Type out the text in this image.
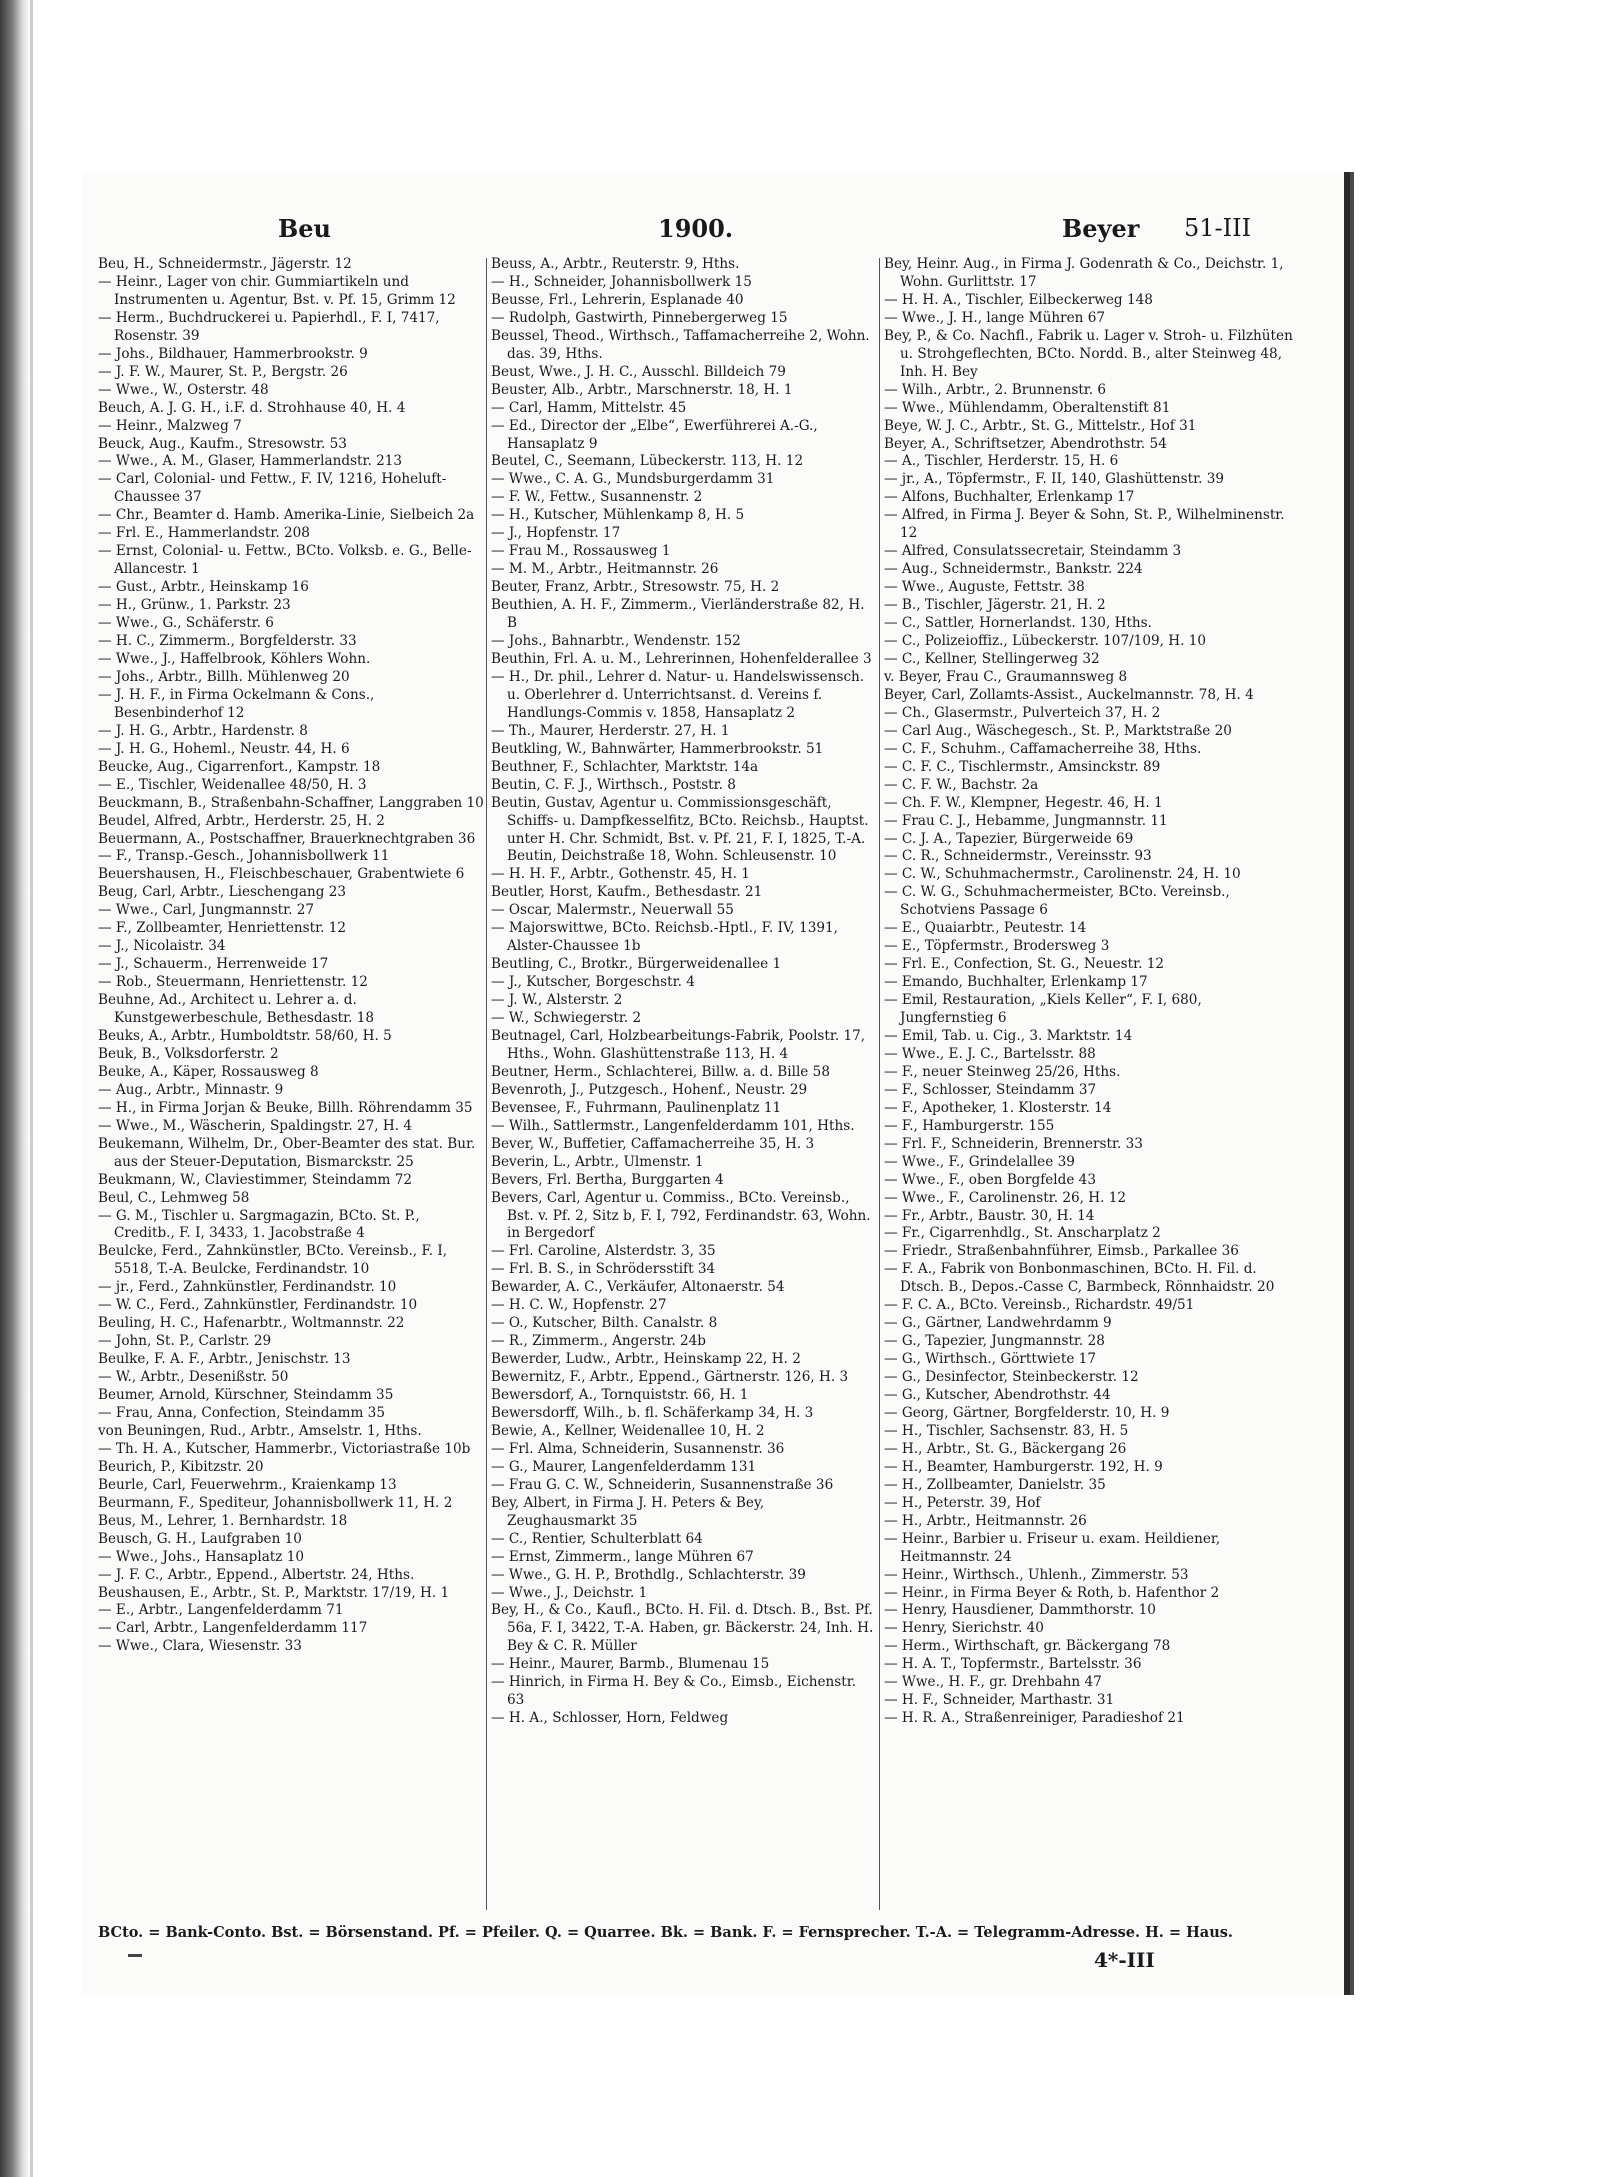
Beu	1900.	Beyer 51-III

Beu, H., Schneidermstr., Jägerstr. 12

— Heinr., Lager von chir. Gummiartikeln und Instrumenten u. Agentur, Bst. v. Pf. 15, Grimm 12

— Herm., Buchdruckerei u. Papierhdl., F. I, 7417, Rosenstr. 39

— Johs., Bildhauer, Hammerbrookstr. 9

— J. F. W., Maurer, St. P., Bergstr. 26

— Wwe., W., Osterstr. 48

Beuch, A. J. G. H., i.F. d. Strohhause 40, H. 4

— Heinr., Malzweg 7

Beuck, Aug., Kaufm., Stresowstr. 53

— Wwe., A. M., Glaser, Hammerlandstr. 213

— Carl, Colonial- und Fettw., F. IV, 1216, Hoheluft-Chaussee 37

— Chr., Beamter d. Hamb. Amerika-Linie, Sielbeich 2a

— Frl. E., Hammerlandstr. 208

— Ernst, Colonial- u. Fettw., BCto. Volksb. e. G., Belle-Allancestr. 1

— Gust., Arbtr., Heinskamp 16

— H., Grünw., 1. Parkstr. 23

— Wwe., G., Schäferstr. 6

— H. C., Zimmerm., Borgfelderstr. 33

— Wwe., J., Haffelbrook, Köhlers Wohn.

— Johs., Arbtr., Billh. Mühlenweg 20

— J. H. F., in Firma Ockelmann & Cons., Besenbinderhof 12

— J. H. G., Arbtr., Hardenstr. 8

— J. H. G., Hoheml., Neustr. 44, H. 6

Beucke, Aug., Cigarrenfort., Kampstr. 18

— E., Tischler, Weidenallee 48/50, H. 3

Beuckmann, B., Straßenbahn-Schaffner, Langgraben 10

Beudel, Alfred, Arbtr., Herderstr. 25, H. 2

Beuermann, A., Postschaffner, Brauerknechtgraben 36

— F., Transp.-Gesch., Johannisbollwerk 11

Beuershausen, H., Fleischbeschauer, Grabentwiete 6

Beug, Carl, Arbtr., Lieschengang 23

— Wwe., Carl, Jungmannstr. 27

— F., Zollbeamter, Henriettenstr. 12

— J., Nicolaistr. 34

— J., Schauerm., Herrenweide 17

— Rob., Steuermann, Henriettenstr. 12

Beuhne, Ad., Architect u. Lehrer a. d. Kunstgewerbeschule, Bethesdastr. 18

Beuks, A., Arbtr., Humboldtstr. 58/60, H. 5

Beuk, B., Volksdorferstr. 2

Beuke, A., Käper, Rossausweg 8

— Aug., Arbtr., Minnastr. 9

— H., in Firma Jorjan & Beuke, Billh. Röhrendamm 35

— Wwe., M., Wäscherin, Spaldingstr. 27, H. 4

Beukemann, Wilhelm, Dr., Ober-Beamter des stat. Bur. aus der Steuer-Deputation, Bismarckstr. 25

Beukmann, W., Claviestimmer, Steindamm 72

Beul, C., Lehmweg 58

— G. M., Tischler u. Sargmagazin, BCto. St. P., Creditb., F. I, 3433, 1. Jacobstraße 4

Beulcke, Ferd., Zahnkünstler, BCto. Vereinsb., F. I, 5518, T.-A. Beulcke, Ferdinandstr. 10

— jr., Ferd., Zahnkünstler, Ferdinandstr. 10

— W. C., Ferd., Zahnkünstler, Ferdinandstr. 10

Beuling, H. C., Hafenarbtr., Woltmannstr. 22

— John, St. P., Carlstr. 29

Beulke, F. A. F., Arbtr., Jenischstr. 13

— W., Arbtr., Desenißstr. 50

Beumer, Arnold, Kürschner, Steindamm 35

— Frau, Anna, Confection, Steindamm 35

von Beuningen, Rud., Arbtr., Amselstr. 1, Hths.

— Th. H. A., Kutscher, Hammerbr., Victoriastraße 10b

Beurich, P., Kibitzstr. 20

Beurle, Carl, Feuerwehrm., Kraienkamp 13

Beurmann, F., Spediteur, Johannisbollwerk 11, H. 2

Beus, M., Lehrer, 1. Bernhardstr. 18

Beusch, G. H., Laufgraben 10

— Wwe., Johs., Hansaplatz 10

— J. F. C., Arbtr., Eppend., Albertstr. 24, Hths.

Beushausen, E., Arbtr., St. P., Marktstr. 17/19, H. 1

— E., Arbtr., Langenfelderdamm 71

— Carl, Arbtr., Langenfelderdamm 117

— Wwe., Clara, Wiesenstr. 33

Beuss, A., Arbtr., Reuterstr. 9, Hths.

— H., Schneider, Johannisbollwerk 15

Beusse, Frl., Lehrerin, Esplanade 40

— Rudolph, Gastwirth, Pinnebergerweg 15

Beussel, Theod., Wirthsch., Taffamacherreihe 2, Wohn. das. 39, Hths.

Beust, Wwe., J. H. C., Ausschl. Billdeich 79

Beuster, Alb., Arbtr., Marschnerstr. 18, H. 1

— Carl, Hamm, Mittelstr. 45

— Ed., Director der „Elbe“, Ewerführerei A.-G., Hansaplatz 9

Beutel, C., Seemann, Lübeckerstr. 113, H. 12

— Wwe., C. A. G., Mundsburgerdamm 31

— F. W., Fettw., Susannenstr. 2

— H., Kutscher, Mühlenkamp 8, H. 5

— J., Hopfenstr. 17

— Frau M., Rossausweg 1

— M. M., Arbtr., Heitmannstr. 26

Beuter, Franz, Arbtr., Stresowstr. 75, H. 2

Beuthien, A. H. F., Zimmerm., Vierländerstraße 82, H. B

— Johs., Bahnarbtr., Wendenstr. 152

Beuthin, Frl. A. u. M., Lehrerinnen, Hohenfelderallee 3

— H., Dr. phil., Lehrer d. Natur- u. Handelswissensch. u. Oberlehrer d. Unterrichtsanst. d. Vereins f. Handlungs-Commis v. 1858, Hansaplatz 2

— Th., Maurer, Herderstr. 27, H. 1

Beutkling, W., Bahnwärter, Hammerbrookstr. 51

Beuthner, F., Schlachter, Marktstr. 14a

Beutin, C. F. J., Wirthsch., Poststr. 8

Beutin, Gustav, Agentur u. Commissionsgeschäft, Schiffs- u. Dampfkesselfitz, BCto. Reichsb., Hauptst. unter H. Chr. Schmidt, Bst. v. Pf. 21, F. I, 1825, T.-A. Beutin, Deichstraße 18, Wohn. Schleusenstr. 10

— H. H. F., Arbtr., Gothenstr. 45, H. 1

Beutler, Horst, Kaufm., Bethesdastr. 21

— Oscar, Malermstr., Neuerwall 55

— Majorswittwe, BCto. Reichsb.-Hptl., F. IV, 1391, Alster-Chaussee 1b

Beutling, C., Brotkr., Bürgerweidenallee 1

— J., Kutscher, Borgeschstr. 4

— J. W., Alsterstr. 2

— W., Schwiegerstr. 2

Beutnagel, Carl, Holzbearbeitungs-Fabrik, Poolstr. 17, Hths., Wohn. Glashüttenstraße 113, H. 4

Beutner, Herm., Schlachterei, Billw. a. d. Bille 58

Bevenroth, J., Putzgesch., Hohenf., Neustr. 29

Bevensee, F., Fuhrmann, Paulinenplatz 11

— Wilh., Sattlermstr., Langenfelderdamm 101, Hths.

Bever, W., Buffetier, Caffamacherreihe 35, H. 3

Beverin, L., Arbtr., Ulmenstr. 1

Bevers, Frl. Bertha, Burggarten 4

Bevers, Carl, Agentur u. Commiss., BCto. Vereinsb., Bst. v. Pf. 2, Sitz b, F. I, 792, Ferdinandstr. 63, Wohn. in Bergedorf

— Frl. Caroline, Alsterdstr. 3, 35

— Frl. B. S., in Schrödersstift 34

Bewarder, A. C., Verkäufer, Altonaerstr. 54

— H. C. W., Hopfenstr. 27

— O., Kutscher, Bilth. Canalstr. 8

— R., Zimmerm., Angerstr. 24b

Bewerder, Ludw., Arbtr., Heinskamp 22, H. 2

Bewernitz, F., Arbtr., Eppend., Gärtnerstr. 126, H. 3

Bewersdorf, A., Tornquiststr. 66, H. 1

Bewersdorff, Wilh., b. fl. Schäferkamp 34, H. 3

Bewie, A., Kellner, Weidenallee 10, H. 2

— Frl. Alma, Schneiderin, Susannenstr. 36

— G., Maurer, Langenfelderdamm 131

— Frau G. C. W., Schneiderin, Susannenstraße 36

Bey, Albert, in Firma J. H. Peters & Bey, Zeughausmarkt 35

— C., Rentier, Schulterblatt 64

— Ernst, Zimmerm., lange Mühren 67

— Wwe., G. H. P., Brothdlg., Schlachterstr. 39

— Wwe., J., Deichstr. 1

Bey, H., & Co., Kaufl., BCto. H. Fil. d. Dtsch. B., Bst. Pf. 56a, F. I, 3422, T.-A. Haben, gr. Bäckerstr. 24, Inh. H. Bey & C. R. Müller

— Heinr., Maurer, Barmb., Blumenau 15

— Hinrich, in Firma H. Bey & Co., Eimsb., Eichenstr. 63

— H. A., Schlosser, Horn, Feldweg

Bey, Heinr. Aug., in Firma J. Godenrath & Co., Deichstr. 1, Wohn. Gurlittstr. 17

— H. H. A., Tischler, Eilbeckerweg 148

— Wwe., J. H., lange Mühren 67

Bey, P., & Co. Nachfl., Fabrik u. Lager v. Stroh- u. Filzhüten u. Strohgeflechten, BCto. Nordd. B., alter Steinweg 48, Inh. H. Bey

— Wilh., Arbtr., 2. Brunnenstr. 6

— Wwe., Mühlendamm, Oberaltenstift 81

Beye, W. J. C., Arbtr., St. G., Mittelstr., Hof 31

Beyer, A., Schriftsetzer, Abendrothstr. 54

— A., Tischler, Herderstr. 15, H. 6

— jr., A., Töpfermstr., F. II, 140, Glashüttenstr. 39

— Alfons, Buchhalter, Erlenkamp 17

— Alfred, in Firma J. Beyer & Sohn, St. P., Wilhelminenstr. 12

— Alfred, Consulatssecretair, Steindamm 3

— Aug., Schneidermstr., Bankstr. 224

— Wwe., Auguste, Fettstr. 38

— B., Tischler, Jägerstr. 21, H. 2

— C., Sattler, Hornerlandst. 130, Hths.

— C., Polizeioffiz., Lübeckerstr. 107/109, H. 10

— C., Kellner, Stellingerweg 32

v. Beyer, Frau C., Graumannsweg 8

Beyer, Carl, Zollamts-Assist., Auckelmannstr. 78, H. 4

— Ch., Glasermstr., Pulverteich 37, H. 2

— Carl Aug., Wäschegesch., St. P., Marktstraße 20

— C. F., Schuhm., Caffamacherreihe 38, Hths.

— C. F. C., Tischlermstr., Amsinckstr. 89

— C. F. W., Bachstr. 2a

— Ch. F. W., Klempner, Hegestr. 46, H. 1

— Frau C. J., Hebamme, Jungmannstr. 11

— C. J. A., Tapezier, Bürgerweide 69

— C. R., Schneidermstr., Vereinsstr. 93

— C. W., Schuhmachermstr., Carolinenstr. 24, H. 10

— C. W. G., Schuhmachermeister, BCto. Vereinsb., Schotviens Passage 6

— E., Quaiarbtr., Peutestr. 14

— E., Töpfermstr., Brodersweg 3

— Frl. E., Confection, St. G., Neuestr. 12

— Emando, Buchhalter, Erlenkamp 17

— Emil, Restauration, „Kiels Keller“, F. I, 680, Jungfernstieg 6

— Emil, Tab. u. Cig., 3. Marktstr. 14

— Wwe., E. J. C., Bartelsstr. 88

— F., neuer Steinweg 25/26, Hths.

— F., Schlosser, Steindamm 37

— F., Apotheker, 1. Klosterstr. 14

— F., Hamburgerstr. 155

— Frl. F., Schneiderin, Brennerstr. 33

— Wwe., F., Grindelallee 39

— Wwe., F., oben Borgfelde 43

— Wwe., F., Carolinenstr. 26, H. 12

— Fr., Arbtr., Baustr. 30, H. 14

— Fr., Cigarrenhdlg., St. Anscharplatz 2

— Friedr., Straßenbahnführer, Eimsb., Parkallee 36

— F. A., Fabrik von Bonbonmaschinen, BCto. H. Fil. d. Dtsch. B., Depos.-Casse C, Barmbeck, Rönnhaidstr. 20

— F. C. A., BCto. Vereinsb., Richardstr. 49/51

— G., Gärtner, Landwehrdamm 9

— G., Tapezier, Jungmannstr. 28

— G., Wirthsch., Görttwiete 17

— G., Desinfector, Steinbeckerstr. 12

— G., Kutscher, Abendrothstr. 44

— Georg, Gärtner, Borgfelderstr. 10, H. 9

— H., Tischler, Sachsenstr. 83, H. 5

— H., Arbtr., St. G., Bäckergang 26

— H., Beamter, Hamburgerstr. 192, H. 9

— H., Zollbeamter, Danielstr. 35

— H., Peterstr. 39, Hof

— H., Arbtr., Heitmannstr. 26

— Heinr., Barbier u. Friseur u. exam. Heildiener, Heitmannstr. 24

— Heinr., Wirthsch., Uhlenh., Zimmerstr. 53

— Heinr., in Firma Beyer & Roth, b. Hafenthor 2

— Henry, Hausdiener, Dammthorstr. 10

— Henry, Sierichstr. 40

— Herm., Wirthschaft, gr. Bäckergang 78

— H. A. T., Topfermstr., Bartelsstr. 36

— Wwe., H. F., gr. Drehbahn 47

— H. F., Schneider, Marthastr. 31

— H. R. A., Straßenreiniger, Paradieshof 21

BCto. = Bank-Conto. Bst. = Börsenstand. Pf. = Pfeiler. Q. = Quarree. Bk. = Bank. F. = Fernsprecher. T.-A. = Telegramm-Adresse. H. = Haus.
4*-III
